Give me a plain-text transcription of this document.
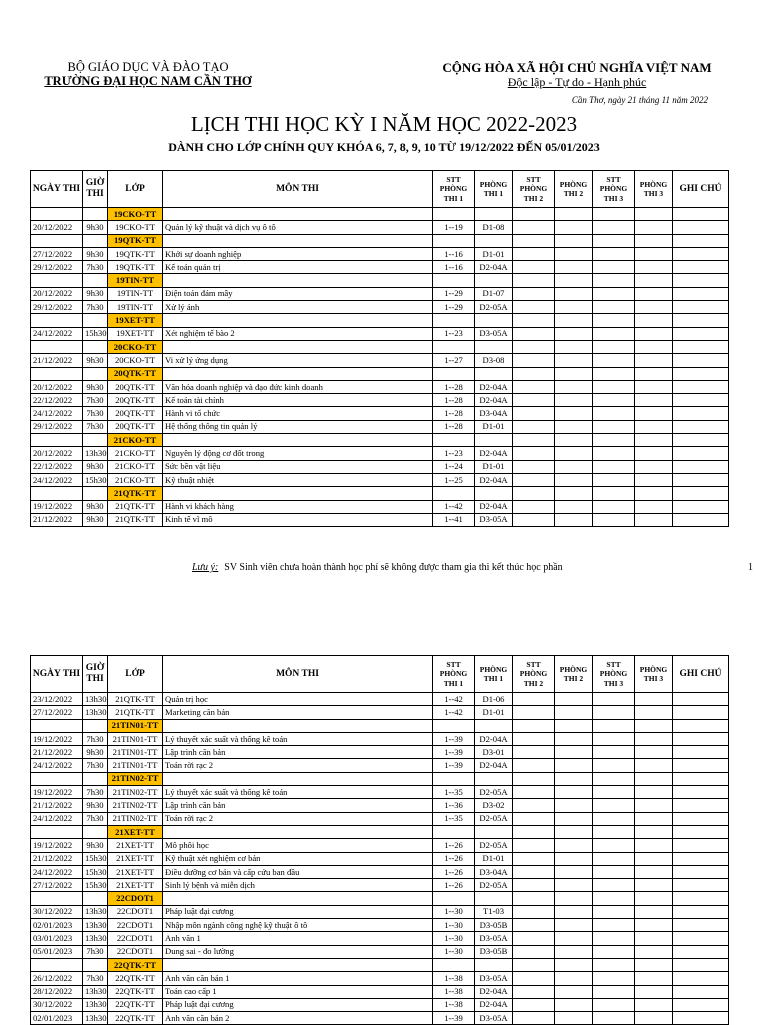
BỘ GIÁO DỤC VÀ ĐÀO TẠO
TRƯỜNG ĐẠI HỌC NAM CẦN THƠ
CỘNG HÒA XÃ HỘI CHỦ NGHĨA VIỆT NAM
Độc lập - Tự do - Hạnh phúc
Cần Thơ, ngày 21 tháng 11 năm 2022
LỊCH THI HỌC KỲ I NĂM HỌC 2022-2023
DÀNH CHO LỚP CHÍNH QUY KHÓA 6, 7, 8, 9, 10 TỪ 19/12/2022 ĐẾN 05/01/2023
NGÀY THI	GIỜ THI	LỚP	MÔN THI	STT PHÒNG THI 1	PHÒNG THI 1	STT PHÒNG THI 2	PHÒNG THI 2	STT PHÒNG THI 3	PHÒNG THI 3	GHI CHÚ
		19CKO-TT								
20/12/2022	9h30	19CKO-TT	Quản lý kỹ thuật và dịch vụ ô tô	1--19	D1-08					
		19QTK-TT								
27/12/2022	9h30	19QTK-TT	Khởi sự doanh nghiệp	1--16	D1-01					
29/12/2022	7h30	19QTK-TT	Kế toán quản trị	1--16	D2-04A					
		19TIN-TT								
20/12/2022	9h30	19TIN-TT	Điện toán đám mây	1--29	D1-07					
29/12/2022	7h30	19TIN-TT	Xử lý ảnh	1--29	D2-05A					
		19XET-TT								
24/12/2022	15h30	19XET-TT	Xét nghiệm tế bào 2	1--23	D3-05A					
		20CKO-TT								
21/12/2022	9h30	20CKO-TT	Vi xử lý ứng dụng	1--27	D3-08					
		20QTK-TT								
20/12/2022	9h30	20QTK-TT	Văn hóa doanh nghiệp và đạo đức kinh doanh	1--28	D2-04A					
22/12/2022	7h30	20QTK-TT	Kế toán tài chính	1--28	D2-04A					
24/12/2022	7h30	20QTK-TT	Hành vi tổ chức	1--28	D3-04A					
29/12/2022	7h30	20QTK-TT	Hệ thống thông tin quản lý	1--28	D1-01					
		21CKO-TT								
20/12/2022	13h30	21CKO-TT	Nguyên lý động cơ đốt trong	1--23	D2-04A					
22/12/2022	9h30	21CKO-TT	Sức bền vật liệu	1--24	D1-01					
24/12/2022	15h30	21CKO-TT	Kỹ thuật nhiệt	1--25	D2-04A					
		21QTK-TT								
19/12/2022	9h30	21QTK-TT	Hành vi khách hàng	1--42	D2-04A					
21/12/2022	9h30	21QTK-TT	Kinh tế vĩ mô	1--41	D3-05A					
Lưu ý: SV Sinh viên chưa hoàn thành học phí sẽ không được tham gia thi kết thúc học phần	1
NGÀY THI	GIỜ THI	LỚP	MÔN THI	STT PHÒNG THI 1	PHÒNG THI 1	STT PHÒNG THI 2	PHÒNG THI 2	STT PHÒNG THI 3	PHÒNG THI 3	GHI CHÚ
23/12/2022	13h30	21QTK-TT	Quản trị học	1--42	D1-06					
27/12/2022	13h30	21QTK-TT	Marketing căn bản	1--42	D1-01					
		21TIN01-TT								
19/12/2022	7h30	21TIN01-TT	Lý thuyết xác suất và thống kê toán	1--39	D2-04A					
21/12/2022	9h30	21TIN01-TT	Lập trình căn bản	1--39	D3-01					
24/12/2022	7h30	21TIN01-TT	Toán rời rạc 2	1--39	D2-04A					
		21TIN02-TT								
19/12/2022	7h30	21TIN02-TT	Lý thuyết xác suất và thống kê toán	1--35	D2-05A					
21/12/2022	9h30	21TIN02-TT	Lập trình căn bản	1--36	D3-02					
24/12/2022	7h30	21TIN02-TT	Toán rời rạc 2	1--35	D2-05A					
		21XET-TT								
19/12/2022	9h30	21XET-TT	Mô phôi học	1--26	D2-05A					
21/12/2022	15h30	21XET-TT	Kỹ thuật xét nghiệm cơ bản	1--26	D1-01					
24/12/2022	15h30	21XET-TT	Điều dưỡng cơ bản và cấp cứu ban đầu	1--26	D3-04A					
27/12/2022	15h30	21XET-TT	Sinh lý bệnh và miễn dịch	1--26	D2-05A					
		22CDOT1								
30/12/2022	13h30	22CDOT1	Pháp luật đại cương	1--30	T1-03					
02/01/2023	13h30	22CDOT1	Nhập môn ngành công nghệ kỹ thuật ô tô	1--30	D3-05B					
03/01/2023	13h30	22CDOT1	Anh văn 1	1--30	D3-05A					
05/01/2023	7h30	22CDOT1	Dung sai - đo lường	1--30	D3-05B					
		22QTK-TT								
26/12/2022	7h30	22QTK-TT	Anh văn căn bản 1	1--38	D3-05A					
28/12/2022	13h30	22QTK-TT	Toán cao cấp 1	1--38	D2-04A					
30/12/2022	13h30	22QTK-TT	Pháp luật đại cương	1--38	D2-04A					
02/01/2023	13h30	22QTK-TT	Anh văn căn bản 2	1--39	D3-05A					
